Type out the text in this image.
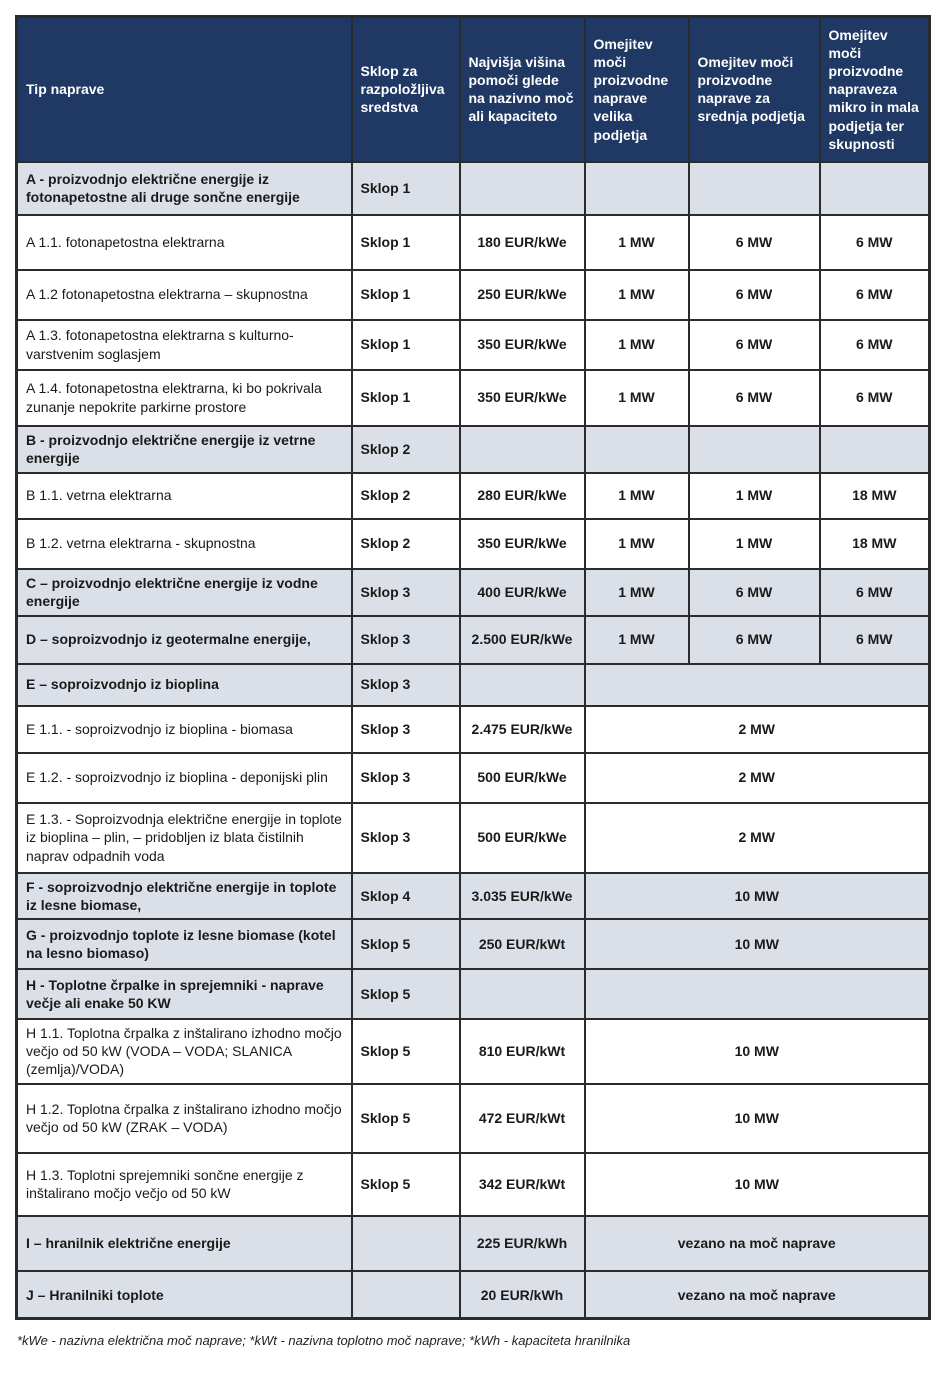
Tip naprave	Sklop za razpoložljiva sredstva	Najvišja višina pomoči glede na nazivno moč ali kapaciteto	Omejitev moči proizvodne naprave velika podjetja	Omejitev moči proizvodne naprave za srednja podjetja	Omejitev moči proizvodne napraveza mikro in mala podjetja ter skupnosti
A - proizvodnjo električne energije iz fotonapetostne ali druge sončne energije	Sklop 1				
A 1.1. fotonapetostna elektrarna	Sklop 1	180 EUR/kWe	1 MW	6 MW	6 MW
A 1.2 fotonapetostna elektrarna – skupnostna	Sklop 1	250 EUR/kWe	1 MW	6 MW	6 MW
A 1.3. fotonapetostna elektrarna s kulturno-varstvenim soglasjem	Sklop 1	350 EUR/kWe	1 MW	6 MW	6 MW
A 1.4. fotonapetostna elektrarna, ki bo pokrivala zunanje nepokrite parkirne prostore	Sklop 1	350 EUR/kWe	1 MW	6 MW	6 MW
B - proizvodnjo električne energije iz vetrne energije	Sklop 2				
B 1.1. vetrna elektrarna	Sklop 2	280 EUR/kWe	1 MW	1 MW	18 MW
B 1.2. vetrna elektrarna - skupnostna	Sklop 2	350 EUR/kWe	1 MW	1 MW	18 MW
C – proizvodnjo električne energije iz vodne energije	Sklop 3	400 EUR/kWe	1 MW	6 MW	6 MW
D – soproizvodnjo iz geotermalne energije,	Sklop 3	2.500 EUR/kWe	1 MW	6 MW	6 MW
E – soproizvodnjo iz bioplina	Sklop 3				
E 1.1. - soproizvodnjo iz bioplina - biomasa	Sklop 3	2.475 EUR/kWe	2 MW		
E 1.2. - soproizvodnjo iz bioplina - deponijski plin	Sklop 3	500 EUR/kWe	2 MW		
E 1.3. - Soproizvodnja električne energije in toplote iz bioplina – plin, – pridobljen iz blata čistilnih naprav odpadnih voda	Sklop 3	500 EUR/kWe	2 MW		
F - soproizvodnjo električne energije in toplote iz lesne biomase,	Sklop 4	3.035 EUR/kWe	10 MW		
G - proizvodnjo toplote iz lesne biomase (kotel na lesno biomaso)	Sklop 5	250 EUR/kWt	10 MW		
H - Toplotne črpalke in sprejemniki - naprave večje ali enake 50 KW	Sklop 5				
H 1.1. Toplotna črpalka z inštalirano izhodno močjo večjo od 50 kW (VODA – VODA; SLANICA (zemlja)/VODA)	Sklop 5	810 EUR/kWt	10 MW		
H 1.2. Toplotna črpalka z inštalirano izhodno močjo večjo od 50 kW (ZRAK – VODA)	Sklop 5	472 EUR/kWt	10 MW		
H 1.3. Toplotni sprejemniki sončne energije z inštalirano močjo večjo od 50 kW	Sklop 5	342 EUR/kWt	10 MW		
I – hranilnik električne energije		225 EUR/kWh	vezano na moč naprave		
J – Hranilniki toplote		20 EUR/kWh	vezano na moč naprave		
*kWe - nazivna električna moč naprave; *kWt - nazivna toplotno moč naprave; *kWh - kapaciteta hranilnika
